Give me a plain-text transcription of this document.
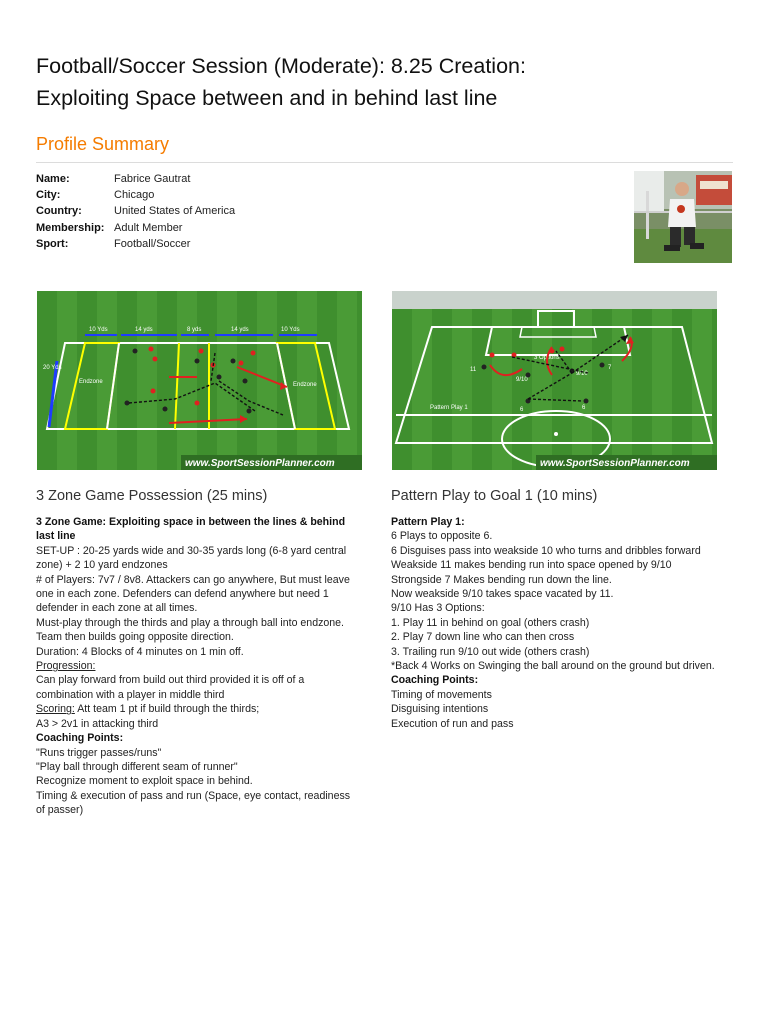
Football/Soccer Session (Moderate): 8.25 Creation:
Exploiting Space between and in behind last line
Profile Summary
Name:	Fabrice Gautrat
City:	Chicago
Country:	United States of America
Membership: Adult Member
Sport:	Football/Soccer
10 Yds	14 yds	8 yds	14 yds	10 Yds
20 Yds
Endzone	Endzone
www.SportSessionPlanner.com
3 Options
11
9/10
9/10
7
Pattern Play 1	6	6
www.SportSessionPlanner.com
3 Zone Game Possession (25 mins)
3 Zone Game: Exploiting space in between the lines & behind last line
SET-UP : 20-25 yards wide and 30-35 yards long (6-8 yard central zone) + 2 10 yard endzones
# of Players: 7v7 / 8v8. Attackers can go anywhere, But must leave one in each zone. Defenders can defend anywhere but need 1 defender in each zone at all times.
Must-play through the thirds and play a through ball into endzone. Team then builds going opposite direction.
Duration: 4 Blocks of 4 minutes on 1 min off.
Progression:
Can play forward from build out third provided it is off of a combination with a player in middle third
Scoring: Att team 1 pt if build through the thirds;
A3 > 2v1 in attacking third
Coaching Points:
"Runs trigger passes/runs"
"Play ball through different seam of runner"
Recognize moment to exploit space in behind.
Timing & execution of pass and run (Space, eye contact, readiness of passer)
Pattern Play to Goal 1 (10 mins)
Pattern Play 1:
6 Plays to opposite 6.
6 Disguises pass into weakside 10 who turns and dribbles forward
Weakside 11 makes bending run into space opened by 9/10
Strongside 7 Makes bending run down the line.
Now weakside 9/10 takes space vacated by 11.
9/10 Has 3 Options:
1. Play 11 in behind on goal (others crash)
2. Play 7 down line who can then cross
3. Trailing run 9/10 out wide (others crash)
*Back 4 Works on Swinging the ball around on the ground but driven.
Coaching Points:
Timing of movements
Disguising intentions
Execution of run and pass
